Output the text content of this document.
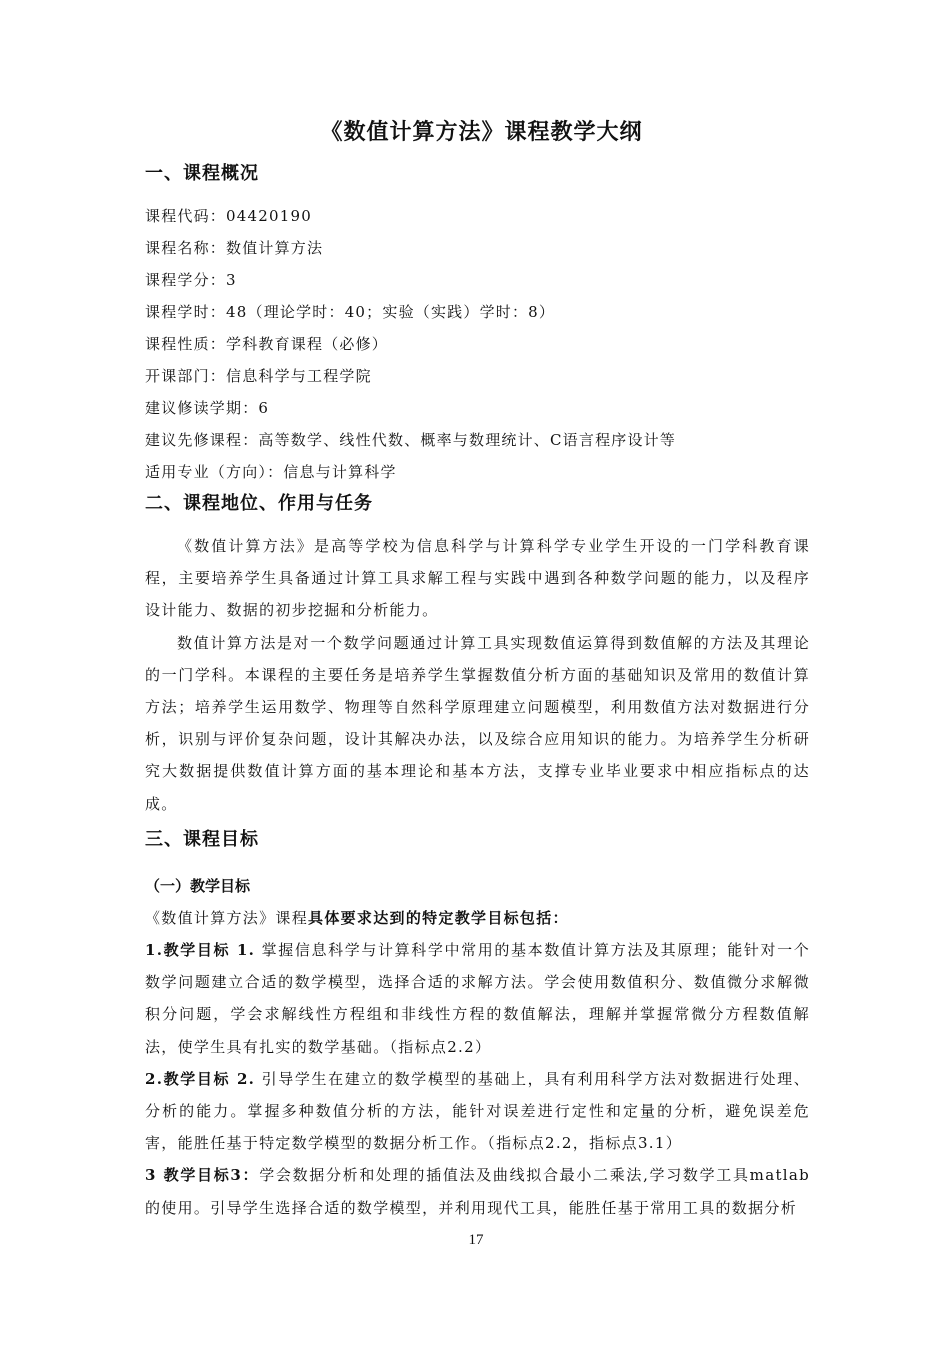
《数值计算方法》课程教学大纲
一、课程概况
课程代码：04420190
课程名称：数值计算方法
课程学分：3
课程学时：48（理论学时：40；实验（实践）学时：8）
课程性质：学科教育课程（必修）
开课部门：信息科学与工程学院
建议修读学期：6
建议先修课程：高等数学、线性代数、概率与数理统计、C语言程序设计等
适用专业（方向）：信息与计算科学
二、课程地位、作用与任务

《数值计算方法》是高等学校为信息科学与计算科学专业学生开设的一门学科教育课程，主要培养学生具备通过计算工具求解工程与实践中遇到各种数学问题的能力，以及程序设计能力、数据的初步挖掘和分析能力。

数值计算方法是对一个数学问题通过计算工具实现数值运算得到数值解的方法及其理论的一门学科。本课程的主要任务是培养学生掌握数值分析方面的基础知识及常用的数值计算方法；培养学生运用数学、物理等自然科学原理建立问题模型，利用数值方法对数据进行分析，识别与评价复杂问题，设计其解决办法，以及综合应用知识的能力。为培养学生分析研究大数据提供数值计算方面的基本理论和基本方法，支撑专业毕业要求中相应指标点的达成。

三、课程目标
（一）教学目标
《数值计算方法》课程具体要求达到的特定教学目标包括：

1.教学目标 1. 掌握信息科学与计算科学中常用的基本数值计算方法及其原理；能针对一个数学问题建立合适的数学模型，选择合适的求解方法。学会使用数值积分、数值微分求解微积分问题，学会求解线性方程组和非线性方程的数值解法，理解并掌握常微分方程数值解法，使学生具有扎实的数学基础。（指标点2.2）

2.教学目标 2. 引导学生在建立的数学模型的基础上，具有利用科学方法对数据进行处理、分析的能力。掌握多种数值分析的方法，能针对误差进行定性和定量的分析，避免误差危害，能胜任基于特定数学模型的数据分析工作。（指标点2.2，指标点3.1）

3 教学目标3：学会数据分析和处理的插值法及曲线拟合最小二乘法,学习数学工具matlab的使用。引导学生选择合适的数学模型，并利用现代工具，能胜任基于常用工具的数据分析

17
